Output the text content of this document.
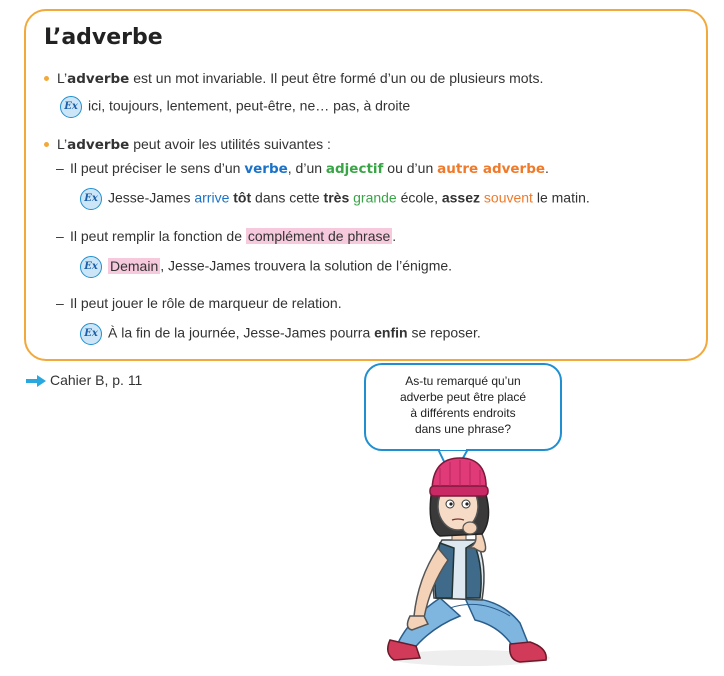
L’adverbe
L’adverbe est un mot invariable. Il peut être formé d’un ou de plusieurs mots.
Ex ici, toujours, lentement, peut-être, ne… pas, à droite
L’adverbe peut avoir les utilités suivantes :
– Il peut préciser le sens d’un verbe, d’un adjectif ou d’un autre adverbe.
Ex Jesse-James arrive tôt dans cette très grande école, assez souvent le matin.
– Il peut remplir la fonction de complément de phrase .
Ex Demain , Jesse-James trouvera la solution de l’énigme.
– Il peut jouer le rôle de marqueur de relation.
Ex À la fin de la journée, Jesse-James pourra enfin se reposer.
Cahier B, p. 11	As-tu remarqué qu’un
adverbe peut être placé
à différents endroits
dans une phrase?
